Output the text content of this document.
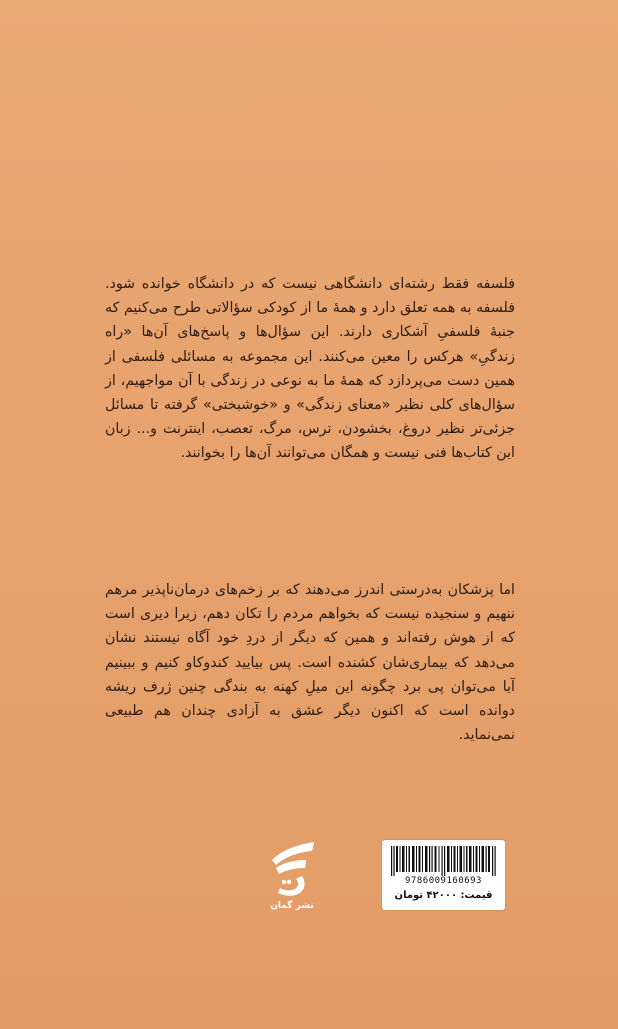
فلسفه فقط رشته‌ای دانشگاهی نیست که در دانشگاه خوانده شود. فلسفه به همه تعلق دارد و همهٔ ما از کودکی سؤالاتی طرح می‌کنیم که جنبهٔ فلسفیِ آشکاری دارند. این سؤال‌ها و پاسخ‌های آن‌ها «راه زندگیِ» هرکس را معین می‌کنند. این مجموعه به مسائلی فلسفی از همین دست می‌پردازد که همهٔ ما به نوعی در زندگی با آن مواجهیم، از سؤال‌های کلی نظیر «معنای زندگی» و «خوشبختی» گرفته تا مسائل جزئی‌تر نظیر دروغ، بخشودن، ترس، مرگ، تعصب، اینترنت و... زبان این کتاب‌ها فنی نیست و همگان می‌توانند آن‌ها را بخوانند.

اما پزشکان به‌درستی اندرز می‌دهند که بر زخم‌های درمان‌ناپذیر مرهم ننهیم و سنجیده نیست که بخواهم مردم را تکان دهم، زیرا دیری است که از هوش رفته‌اند و همین که دیگر از دردِ خود آگاه نیستند نشان می‌دهد که بیماری‌شان کشنده است. پس بیایید کندوکاو کنیم و ببینیم آیا می‌توان پی برد چگونه این میلِ کهنه به بندگی چنین ژرف ریشه دوانده است که اکنون دیگر عشق به آزادی چندان هم طبیعی نمی‌نماید.

نشر گمان
9786009160693
قیمت: ۴۲۰۰۰ تومان
